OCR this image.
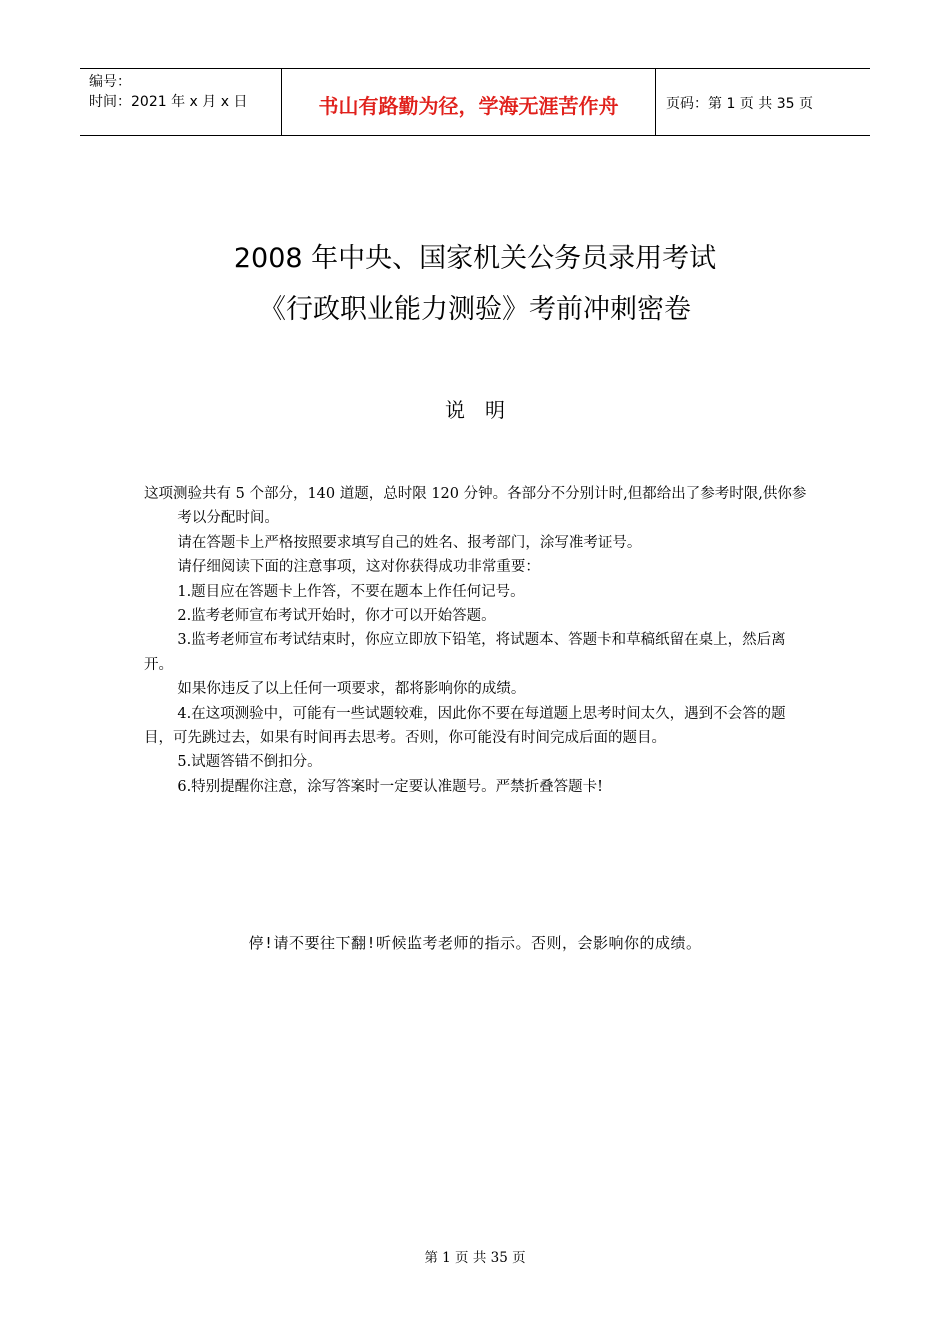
编号：
时间：2021 年 x 月 x 日	书山有路勤为径，学海无涯苦作舟	页码：第 1 页 共 35 页
2008 年中央、国家机关公务员录用考试
《行政职业能力测验》考前冲刺密卷
说　明

这项测验共有 5 个部分，140 道题，总时限 120 分钟。各部分不分别计时,但都给出了参考时限,供你参考以分配时间。

请在答题卡上严格按照要求填写自己的姓名、报考部门，涂写准考证号。

请仔细阅读下面的注意事项，这对你获得成功非常重要：

1.题目应在答题卡上作答，不要在题本上作任何记号。

2.监考老师宣布考试开始时，你才可以开始答题。

3.监考老师宣布考试结束时，你应立即放下铅笔，将试题本、答题卡和草稿纸留在桌上，然后离开。

如果你违反了以上任何一项要求，都将影响你的成绩。

4.在这项测验中，可能有一些试题较难，因此你不要在每道题上思考时间太久，遇到不会答的题目，可先跳过去，如果有时间再去思考。否则，你可能没有时间完成后面的题目。

5.试题答错不倒扣分。

6.特别提醒你注意，涂写答案时一定要认准题号。严禁折叠答题卡!

停!请不要往下翻!听候监考老师的指示。否则，会影响你的成绩。
第 1 页 共 35 页
